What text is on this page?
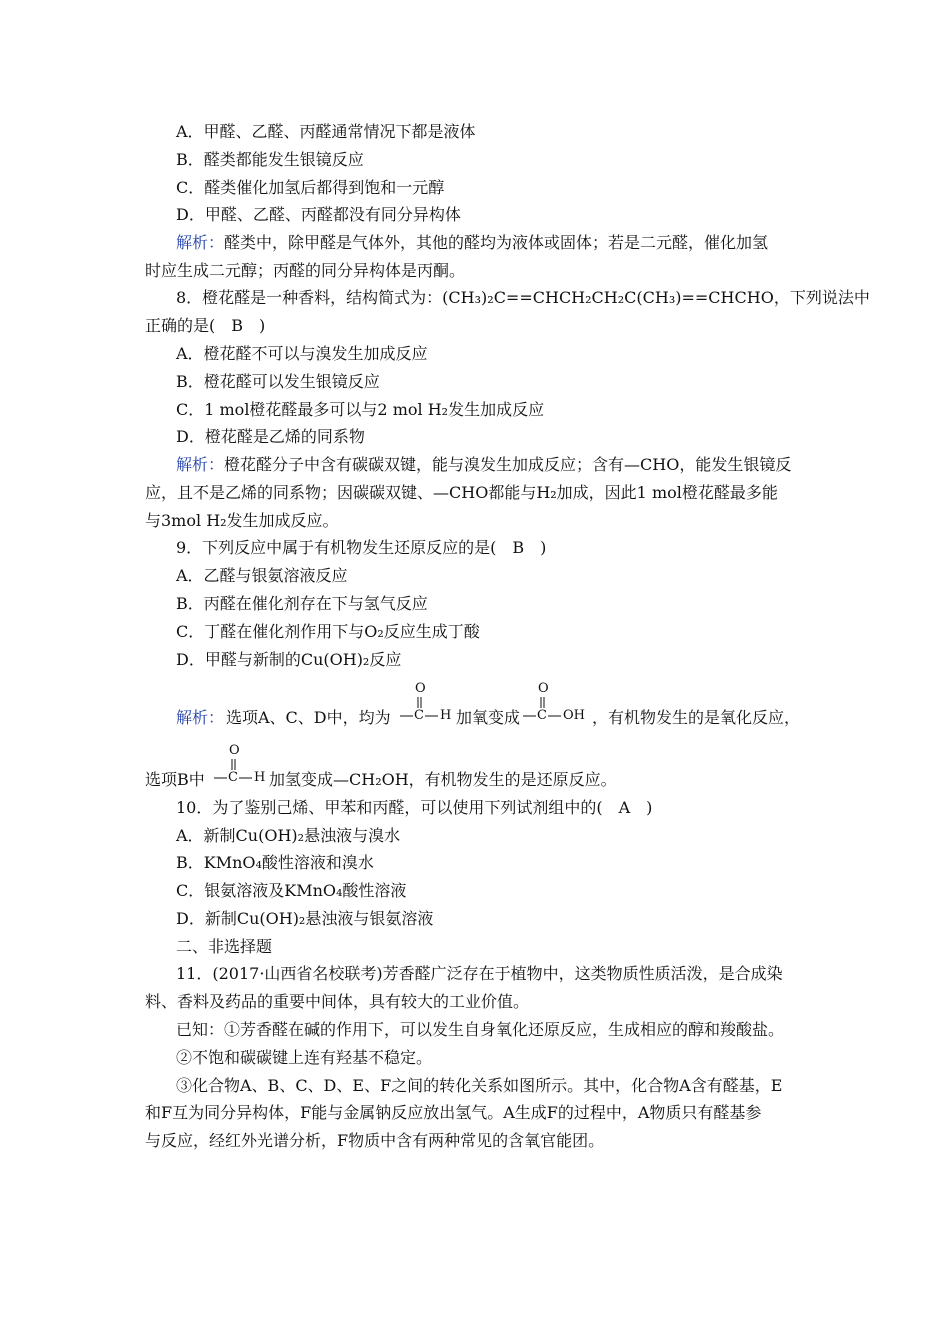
A．甲醛、乙醛、丙醛通常情况下都是液体
B．醛类都能发生银镜反应
C．醛类催化加氢后都得到饱和一元醇
D．甲醛、乙醛、丙醛都没有同分异构体
解析：醛类中，除甲醛是气体外，其他的醛均为液体或固体；若是二元醛，催化加氢
时应生成二元醇；丙醛的同分异构体是丙酮。
8．橙花醛是一种香料，结构简式为：(CH₃)₂C==CHCH₂CH₂C(CH₃)==CHCHO，下列说法中
正确的是(　B　)
A．橙花醛不可以与溴发生加成反应
B．橙花醛可以发生银镜反应
C．1 mol橙花醛最多可以与2 mol H₂发生加成反应
D．橙花醛是乙烯的同系物
解析：橙花醛分子中含有碳碳双键，能与溴发生加成反应；含有—CHO，能发生银镜反
应，且不是乙烯的同系物；因碳碳双键、—CHO都能与H₂加成，因此1 mol橙花醛最多能
与3mol H₂发生加成反应。
9．下列反应中属于有机物发生还原反应的是(　B　)
A．乙醛与银氨溶液反应
B．丙醛在催化剂存在下与氢气反应
C．丁醛在催化剂作用下与O₂反应生成丁酸
D．甲醛与新制的Cu(OH)₂反应
解析： 选项A、C、D中，均为
O
C H 加氧变成
O
C OH ，有机物发生的是氧化反应，
选项B中
O
C H 加氢变成—CH₂OH，有机物发生的是还原反应。
10．为了鉴别己烯、甲苯和丙醛，可以使用下列试剂组中的(　A　)
A．新制Cu(OH)₂悬浊液与溴水
B．KMnO₄酸性溶液和溴水
C．银氨溶液及KMnO₄酸性溶液
D．新制Cu(OH)₂悬浊液与银氨溶液
二、非选择题
11．(2017·山西省名校联考)芳香醛广泛存在于植物中，这类物质性质活泼，是合成染
料、香料及药品的重要中间体，具有较大的工业价值。
已知：①芳香醛在碱的作用下，可以发生自身氧化还原反应，生成相应的醇和羧酸盐。
②不饱和碳碳键上连有羟基不稳定。
③化合物A、B、C、D、E、F之间的转化关系如图所示。其中，化合物A含有醛基，E
和F互为同分异构体，F能与金属钠反应放出氢气。A生成F的过程中，A物质只有醛基参
与反应，经红外光谱分析，F物质中含有两种常见的含氧官能团。
